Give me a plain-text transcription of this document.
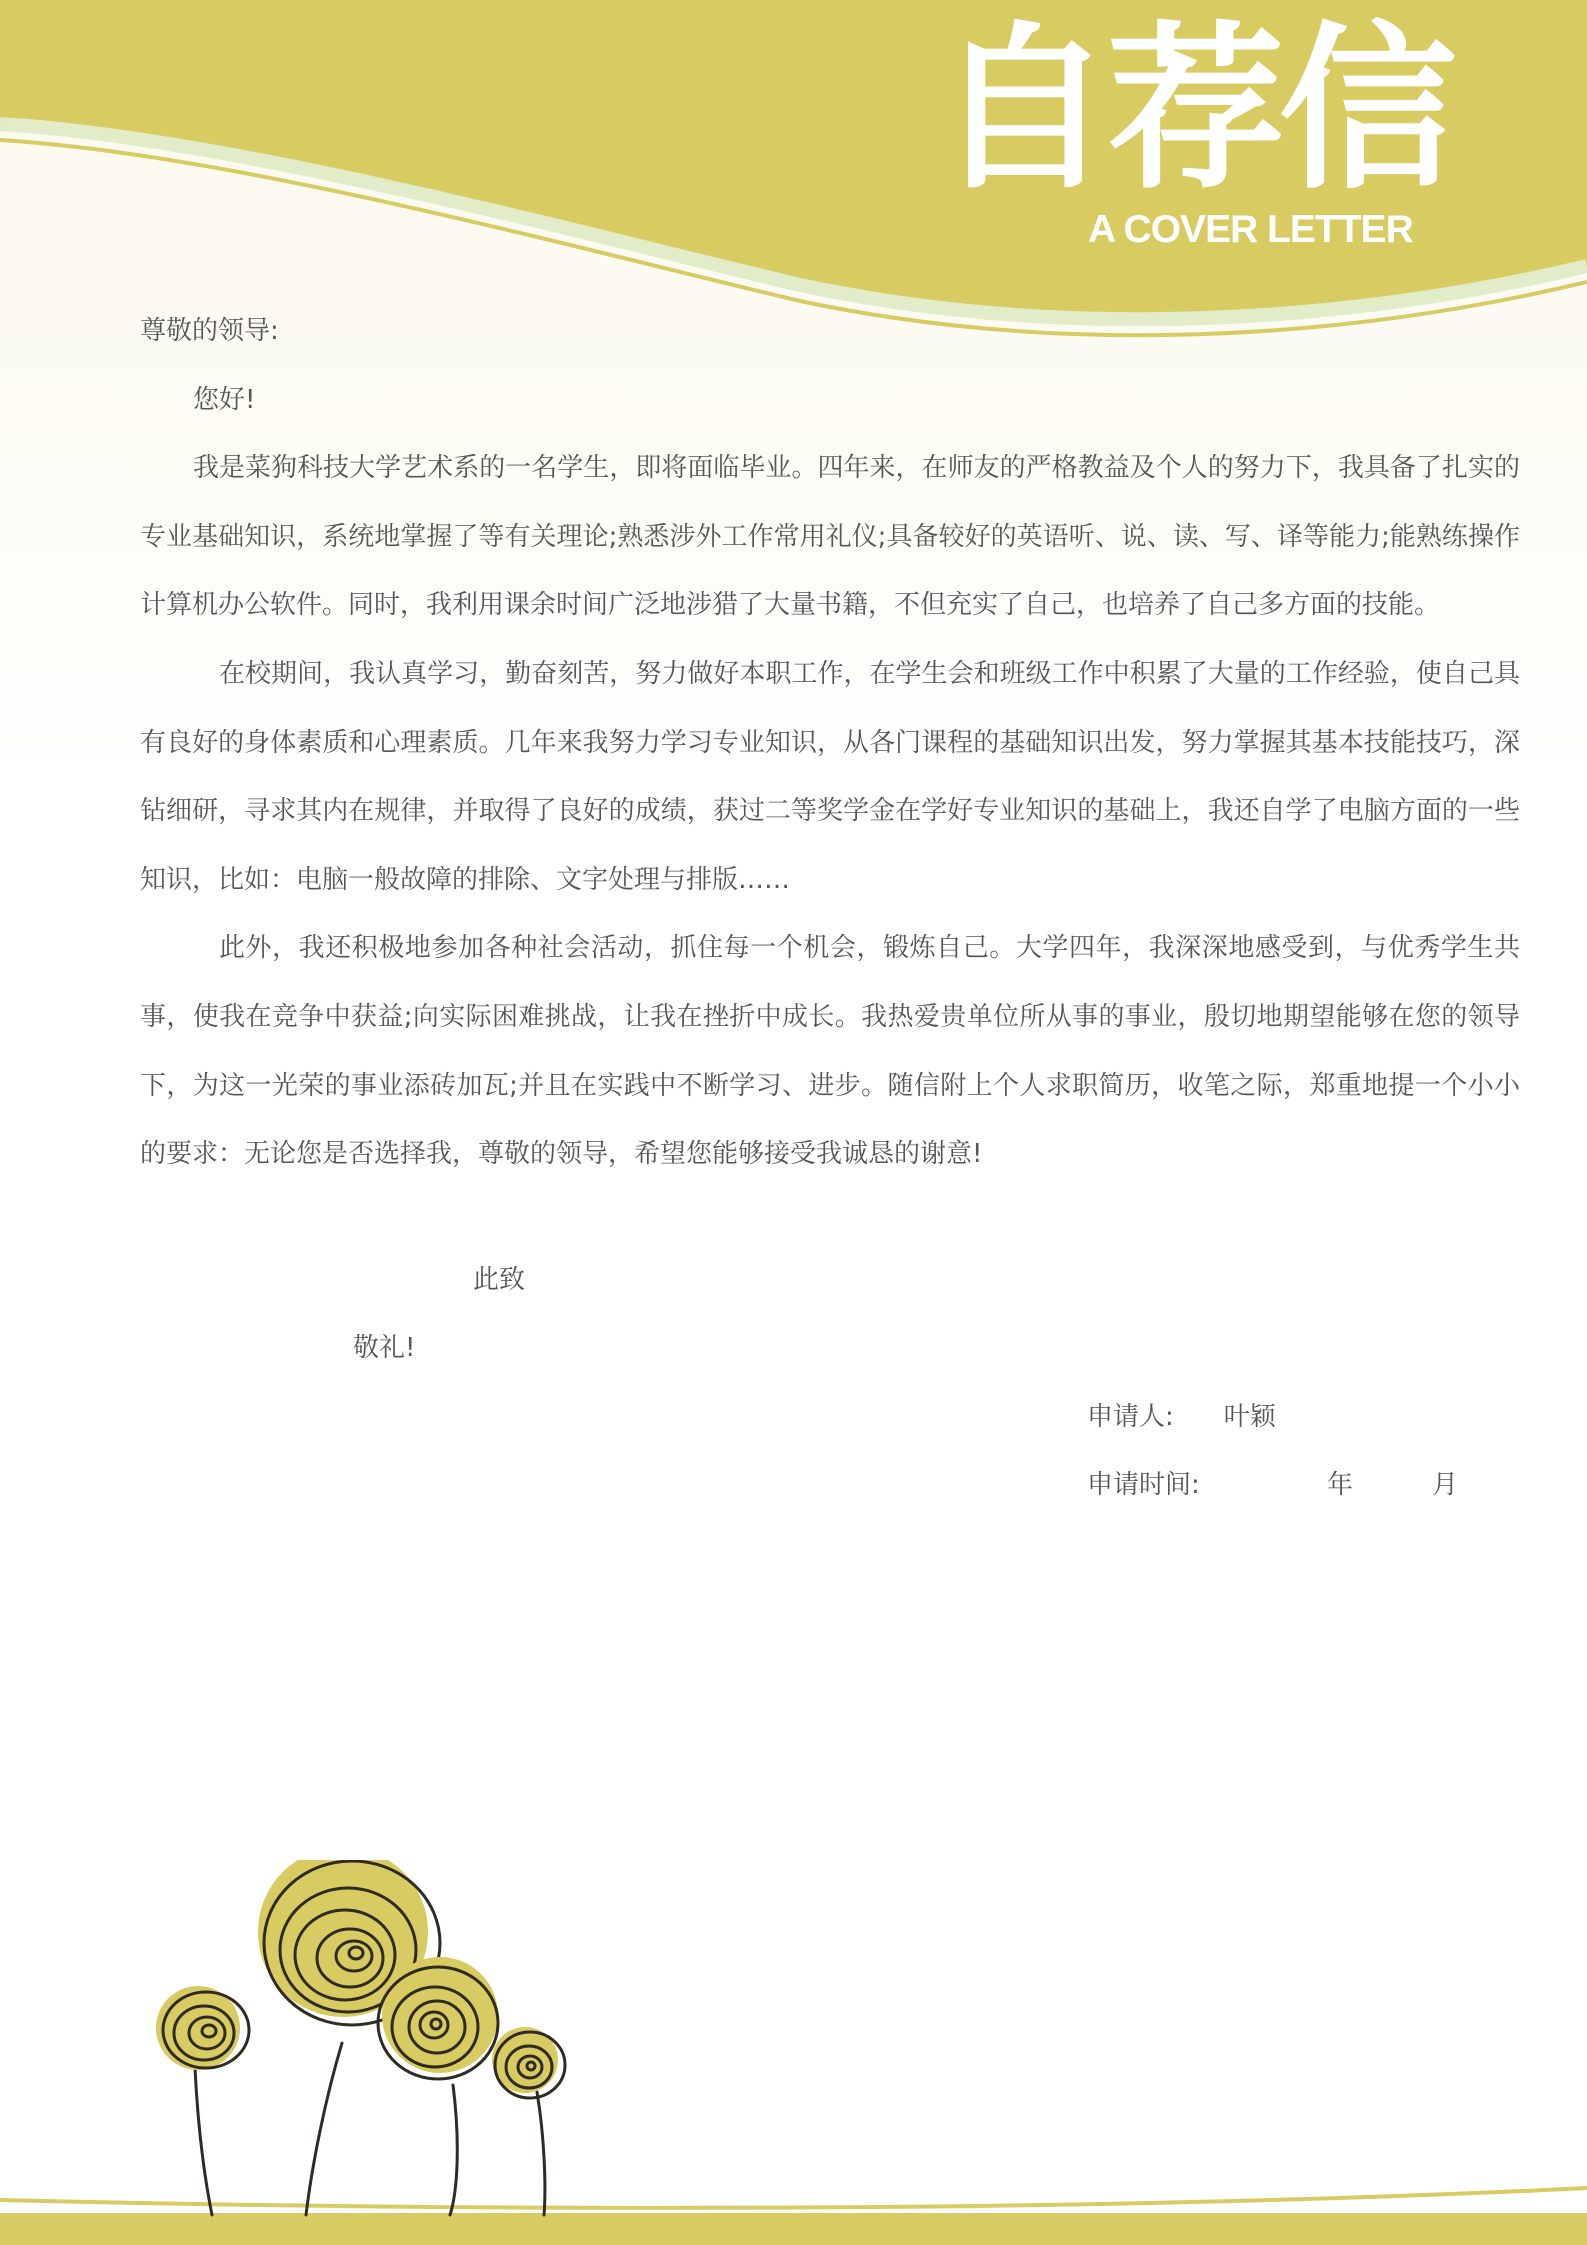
自荐信
A COVER LETTER

尊敬的领导:

您好!

我是菜狗科技大学艺术系的一名学生，即将面临毕业。四年来，在师友的严格教益及个人的努力下，我具备了扎实的专业基础知识，系统地掌握了等有关理论;熟悉涉外工作常用礼仪;具备较好的英语听、说、读、写、译等能力;能熟练操作计算机办公软件。同时，我利用课余时间广泛地涉猎了大量书籍，不但充实了自己，也培养了自己多方面的技能。

在校期间，我认真学习，勤奋刻苦，努力做好本职工作，在学生会和班级工作中积累了大量的工作经验，使自己具有良好的身体素质和心理素质。几年来我努力学习专业知识，从各门课程的基础知识出发，努力掌握其基本技能技巧，深钻细研，寻求其内在规律，并取得了良好的成绩，获过二等奖学金在学好专业知识的基础上，我还自学了电脑方面的一些知识，比如：电脑一般故障的排除、文字处理与排版……

此外，我还积极地参加各种社会活动，抓住每一个机会，锻炼自己。大学四年，我深深地感受到，与优秀学生共事，使我在竞争中获益;向实际困难挑战，让我在挫折中成长。我热爱贵单位所从事的事业，殷切地期望能够在您的领导下，为这一光荣的事业添砖加瓦;并且在实践中不断学习、进步。随信附上个人求职简历，收笔之际，郑重地提一个小小的要求：无论您是否选择我，尊敬的领导，希望您能够接受我诚恳的谢意!

此致
敬礼!
申请人: 叶颖
申请时间:	年	月
